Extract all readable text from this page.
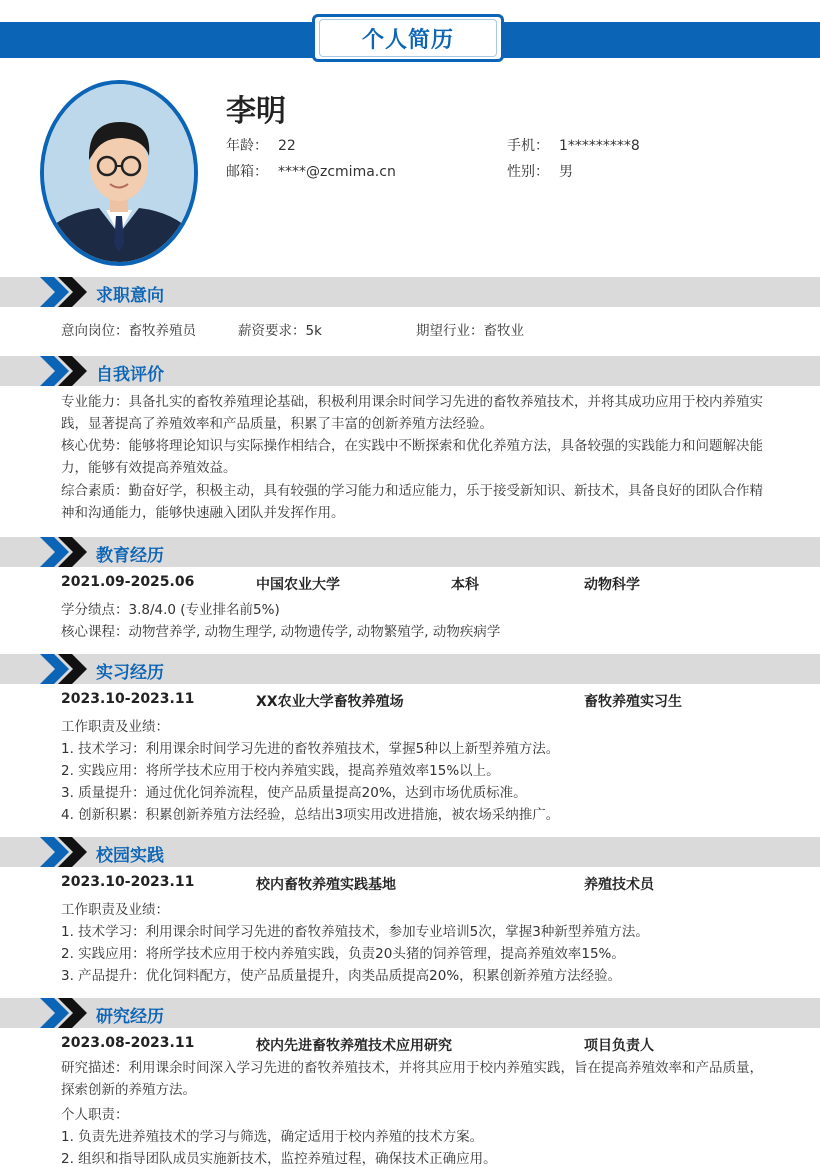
个人简历
李明
年龄： 22	手机： 1*********8
邮箱： ****@zcmima.cn	性别： 男
求职意向
意向岗位：畜牧养殖员	薪资要求：5k	期望行业：畜牧业
自我评价
专业能力：具备扎实的畜牧养殖理论基础，积极利用课余时间学习先进的畜牧养殖技术，并将其成功应用于校内养殖实践，显著提高了养殖效率和产品质量，积累了丰富的创新养殖方法经验。
核心优势：能够将理论知识与实际操作相结合，在实践中不断探索和优化养殖方法，具备较强的实践能力和问题解决能力，能够有效提高养殖效益。
综合素质：勤奋好学，积极主动，具有较强的学习能力和适应能力，乐于接受新知识、新技术，具备良好的团队合作精神和沟通能力，能够快速融入团队并发挥作用。
教育经历
2021.09-2025.06	中国农业大学	本科	动物科学
学分绩点：3.8/4.0 (专业排名前5%)
核心课程：动物营养学, 动物生理学, 动物遗传学, 动物繁殖学, 动物疾病学
实习经历
2023.10-2023.11	XX农业大学畜牧养殖场	畜牧养殖实习生
工作职责及业绩：
1. 技术学习：利用课余时间学习先进的畜牧养殖技术，掌握5种以上新型养殖方法。
2. 实践应用：将所学技术应用于校内养殖实践，提高养殖效率15%以上。
3. 质量提升：通过优化饲养流程，使产品质量提高20%，达到市场优质标准。
4. 创新积累：积累创新养殖方法经验，总结出3项实用改进措施，被农场采纳推广。
校园实践
2023.10-2023.11	校内畜牧养殖实践基地	养殖技术员
工作职责及业绩：
1. 技术学习：利用课余时间学习先进的畜牧养殖技术，参加专业培训5次，掌握3种新型养殖方法。
2. 实践应用：将所学技术应用于校内养殖实践，负责20头猪的饲养管理，提高养殖效率15%。
3. 产品提升：优化饲料配方，使产品质量提升，肉类品质提高20%，积累创新养殖方法经验。
研究经历
2023.08-2023.11	校内先进畜牧养殖技术应用研究	项目负责人
研究描述：利用课余时间深入学习先进的畜牧养殖技术，并将其应用于校内养殖实践，旨在提高养殖效率和产品质量，探索创新的养殖方法。
个人职责：
1. 负责先进养殖技术的学习与筛选，确定适用于校内养殖的技术方案。
2. 组织和指导团队成员实施新技术，监控养殖过程，确保技术正确应用。
